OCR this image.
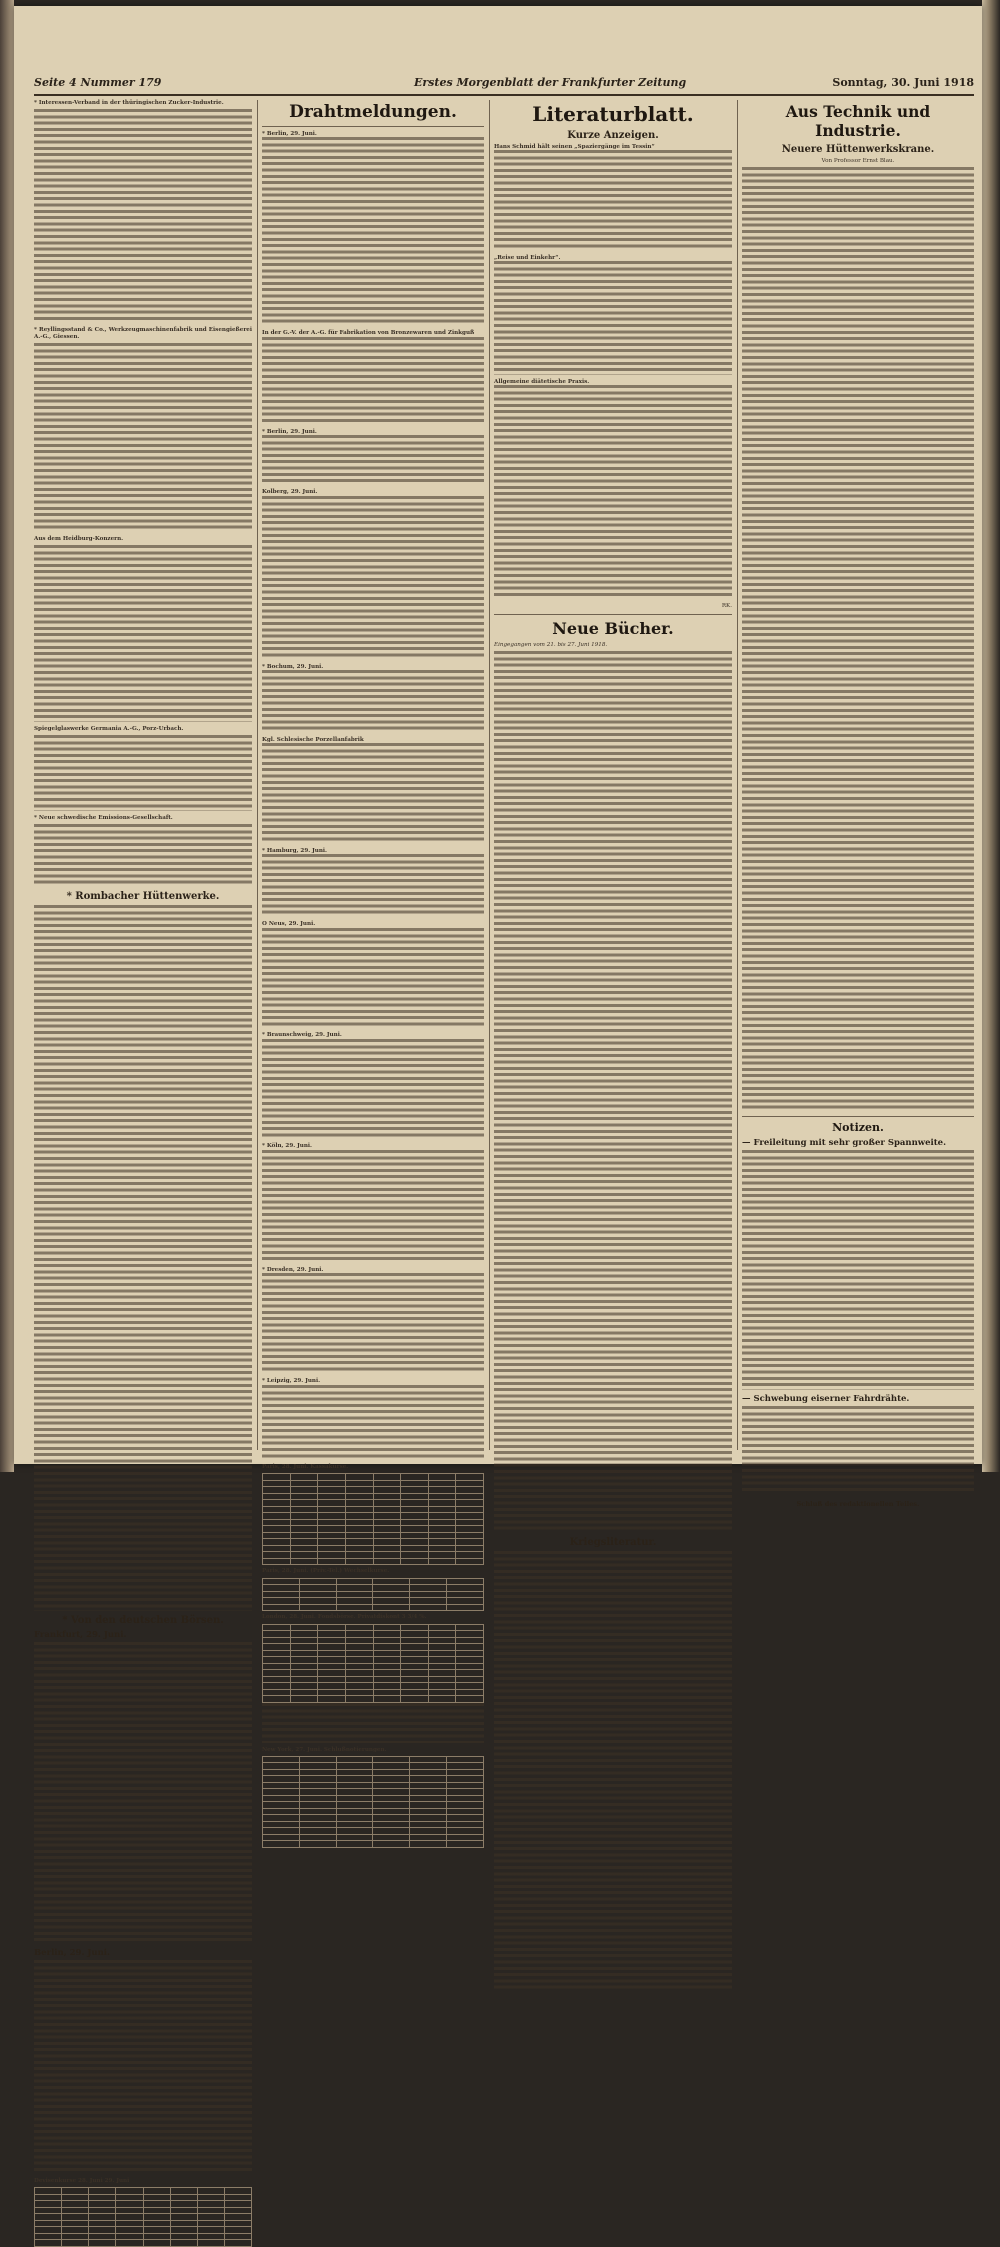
Seite 4 Nummer 179	Erstes Morgenblatt der Frankfurter Zeitung	Sonntag, 30. Juni 1918
* Interessen-Verband in der thüringischen Zucker-Industrie.
* Reyllingsstand & Co., Werkzeugmaschinenfabrik und Eisengießerei A.-G., Giessen.
Aus dem Heidburg-Konzern.
Spiegelglaswerke Germania A.-G., Porz-Urbach.
* Neue schwedische Emissions-Gesellschaft.
* Rombacher Hüttenwerke.
* Von den deutschen Börsen.
Frankfurt, 29. Juni.
Berlin, 29. Juni.
Devisenkurse 28. Juni 29. Juni

Drahtmeldungen.
* Berlin, 29. Juni.
In der G.-V. der A.-G. für Fabrikation von Bronzewaren und Zinkguß
* Berlin, 29. Juni.
Kolberg, 29. Juni.
* Bochum, 29. Juni.
Kgl. Schlesische Porzellanfabrik
* Hamburg, 29. Juni.
O Neus, 29. Juni.
* Braunschweig, 29. Juni.
* Köln, 29. Juni.
* Dresden, 29. Juni.
* Leipzig, 29. Juni.
Paris, 28. Juni. Kassakurse.

Paris, 28. Juni. (Priv.-Tel.) Wechselkurse.

London, 28. Juni. Fondsbörse. Privatdiskont 3 3/4 %.

New York, 27. Juni. Schlußnotierungen.

Literaturblatt.
Kurze Anzeigen.
Hans Schmid hält seinen „Spaziergänge im Tessin“
„Reise und Einkehr“.
Allgemeine diätetische Praxis.
RK.
Neue Bücher.
Eingegangen vom 21. bis 27. Juni 1918.
Kriegsliteratur.
Aus Technik und Industrie.
Neuere Hüttenwerkskrane.
Von Professor Ernst Blau.
Notizen.
— Freileitung mit sehr großer Spannweite.
— Schwebung eiserner Fahrdrähte.
Schluß des redaktionellen Teiles.
